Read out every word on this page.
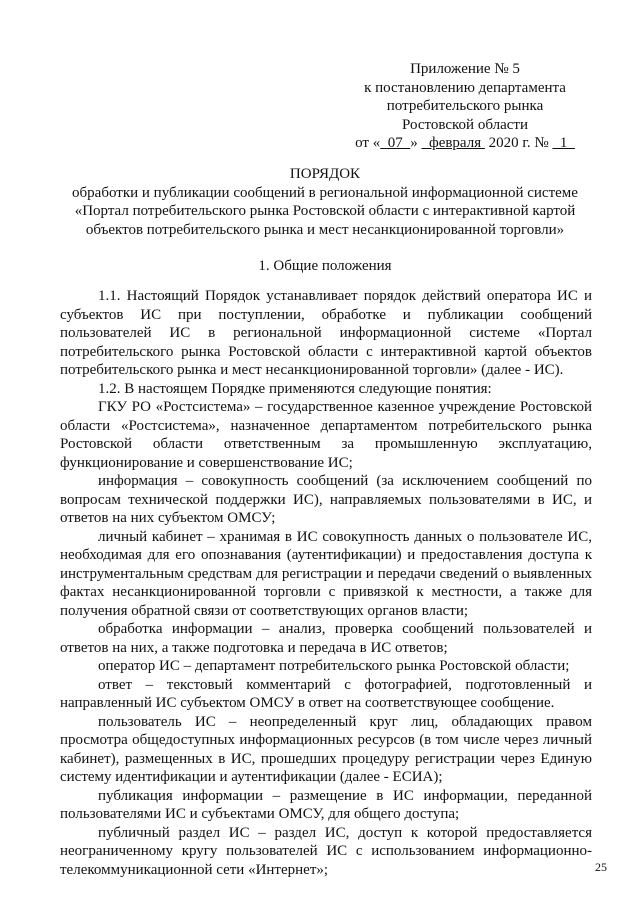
Приложение № 5
к постановлению департамента
потребительского рынка
Ростовской области
от «  07  »   февраля  2020 г. №   1
ПОРЯДОК
обработки и публикации сообщений в региональной информационной системе
«Портал потребительского рынка Ростовской области с интерактивной картой
объектов потребительского рынка и мест несанкционированной торговли»
1. Общие положения

1.1. Настоящий Порядок устанавливает порядок действий оператора ИС и субъектов ИС при поступлении, обработке и публикации сообщений пользователей ИС в региональной информационной системе «Портал потребительского рынка Ростовской области с интерактивной картой объектов потребительского рынка и мест несанкционированной торговли» (далее - ИС).

1.2. В настоящем Порядке применяются следующие понятия:

ГКУ РО «Ростсистема» – государственное казенное учреждение Ростовской области «Ростсистема», назначенное департаментом потребительского рынка Ростовской области ответственным за промышленную эксплуатацию, функционирование и совершенствование ИС;

информация – совокупность сообщений (за исключением сообщений по вопросам технической поддержки ИС), направляемых пользователями в ИС, и ответов на них субъектом ОМСУ;

личный кабинет – хранимая в ИС совокупность данных о пользователе ИС, необходимая для его опознавания (аутентификации) и предоставления доступа к инструментальным средствам для регистрации и передачи сведений о выявленных фактах несанкционированной торговли с привязкой к местности, а также для получения обратной связи от соответствующих органов власти;

обработка информации – анализ, проверка сообщений пользователей и ответов на них, а также подготовка и передача в ИС ответов;

оператор ИС – департамент потребительского рынка Ростовской области;

ответ – текстовый комментарий с фотографией, подготовленный и направленный ИС субъектом ОМСУ в ответ на соответствующее сообщение.

пользователь ИС – неопределенный круг лиц, обладающих правом просмотра общедоступных информационных ресурсов (в том числе через личный кабинет), размещенных в ИС, прошедших процедуру регистрации через Единую систему идентификации и аутентификации (далее - ЕСИА);

публикация информации – размещение в ИС информации, переданной пользователями ИС и субъектами ОМСУ, для общего доступа;

публичный раздел ИС – раздел ИС, доступ к которой предоставляется неограниченному кругу пользователей ИС с использованием информационно-телекоммуникационной сети «Интернет»;	25
